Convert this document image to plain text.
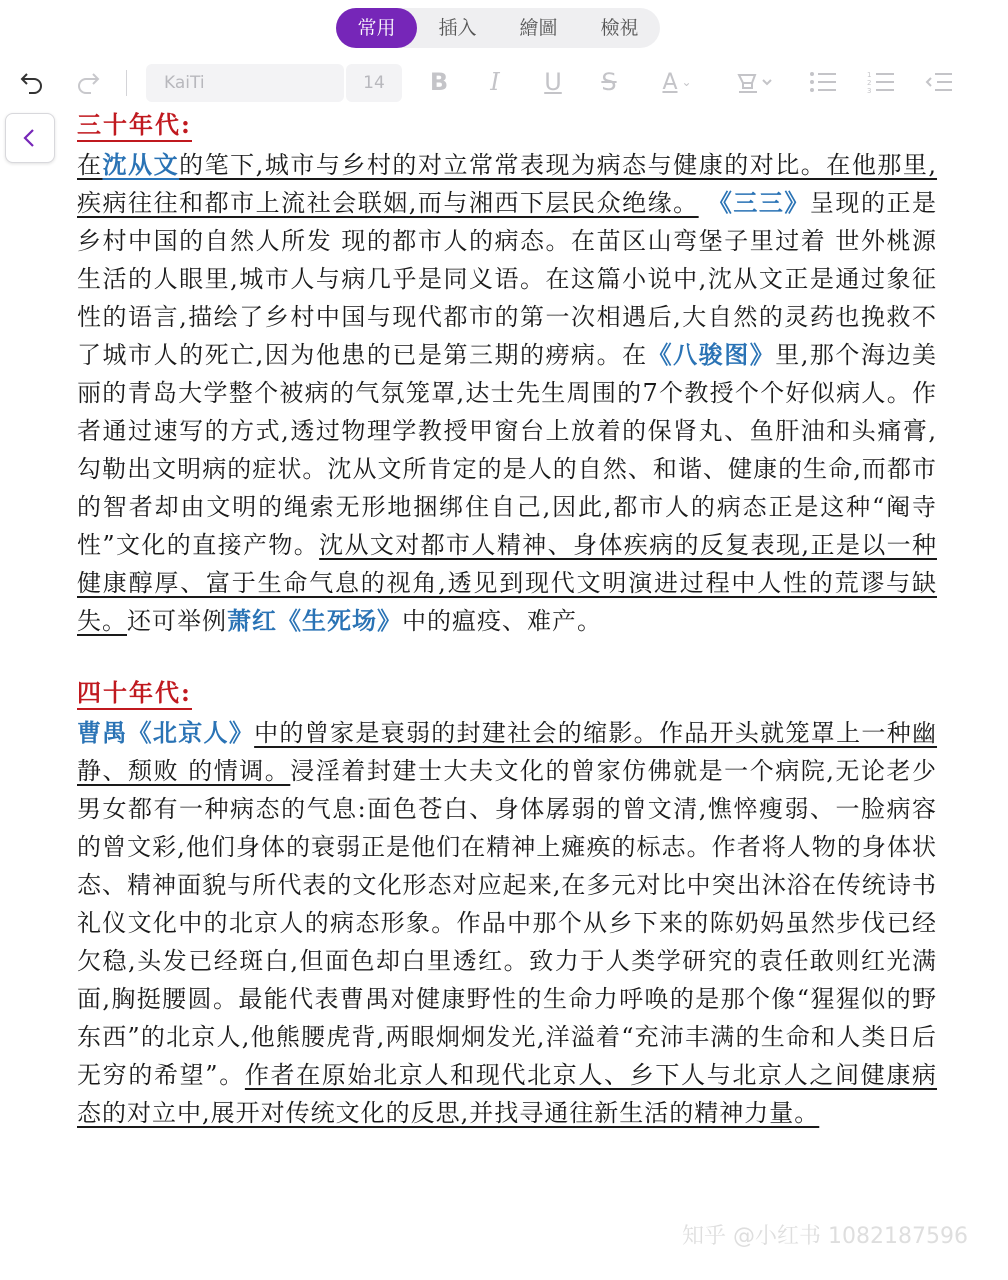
常用	插入	繪圖	檢視
KaiTi	14	B	I	U	S	A ⌄	1
2
3
三十年代:

在沈从文的笔下,城市与乡村的对立常常表现为病态与健康的对比。在他那里,疾病往往和都市上流社会联姻,而与湘西下层民众绝缘。 《三三》呈现的正是乡村中国的自然人所发 现的都市人的病态。在苗区山弯堡子里过着 世外桃源生活的人眼里,城市人与病几乎是同义语。在这篇小说中,沈从文正是通过象征性的语言,描绘了乡村中国与现代都市的第一次相遇后,大自然的灵药也挽救不了城市人的死亡,因为他患的已是第三期的痨病。在《八骏图》里,那个海边美丽的青岛大学整个被病的气氛笼罩,达士先生周围的7个教授个个好似病人。作者通过速写的方式,透过物理学教授甲窗台上放着的保肾丸、鱼肝油和头痛膏,勾勒出文明病的症状。沈从文所肯定的是人的自然、和谐、健康的生命,而都市的智者却由文明的绳索无形地捆绑住自己,因此,都市人的病态正是这种“阉寺性”文化的直接产物。沈从文对都市人精神、身体疾病的反复表现,正是以一种健康醇厚、富于生命气息的视角,透见到现代文明演进过程中人性的荒谬与缺失。还可举例萧红《生死场》中的瘟疫、难产。

四十年代:

曹禺《北京人》中的曾家是衰弱的封建社会的缩影。作品开头就笼罩上一种幽静、颓败 的情调。浸淫着封建士大夫文化的曾家仿佛就是一个病院,无论老少男女都有一种病态的气息:面色苍白、身体孱弱的曾文清,憔悴瘦弱、一脸病容的曾文彩,他们身体的衰弱正是他们在精神上瘫痪的标志。作者将人物的身体状态、精神面貌与所代表的文化形态对应起来,在多元对比中突出沐浴在传统诗书礼仪文化中的北京人的病态形象。作品中那个从乡下来的陈奶妈虽然步伐已经欠稳,头发已经斑白,但面色却白里透红。致力于人类学研究的袁任敢则红光满面,胸挺腰圆。最能代表曹禺对健康野性的生命力呼唤的是那个像“猩猩似的野东西”的北京人,他熊腰虎背,两眼炯炯发光,洋溢着“充沛丰满的生命和人类日后无穷的希望”。作者在原始北京人和现代北京人、乡下人与北京人之间健康病态的对立中,展开对传统文化的反思,并找寻通往新生活的精神力量。

知乎 @小红书 1082187596
